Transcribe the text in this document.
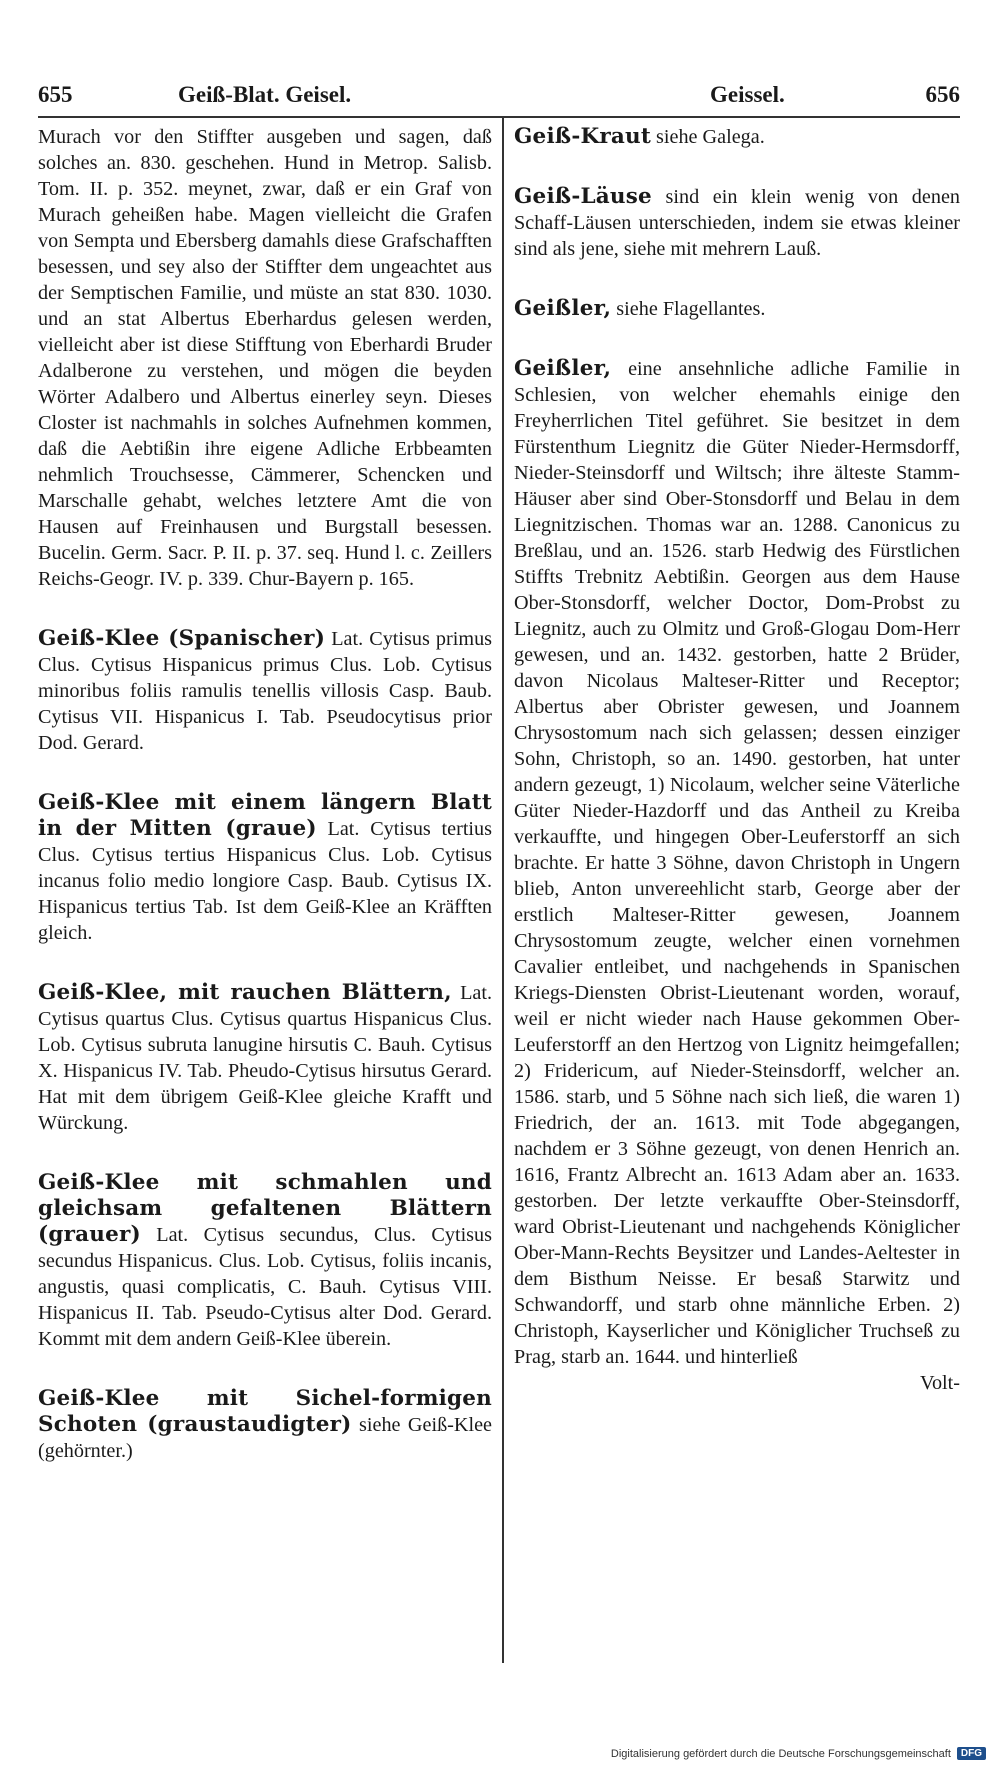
655	Geiß-Blat. Geisel.	Geissel.	656

Murach vor den Stiffter ausgeben und sagen, daß solches an. 830. geschehen. Hund in Metrop. Salisb. Tom. II. p. 352. meynet, zwar, daß er ein Graf von Murach geheißen habe. Magen vielleicht die Grafen von Sempta und Ebersberg damahls diese Grafschafften besessen, und sey also der Stiffter dem ungeachtet aus der Semptischen Familie, und müste an stat 830. 1030. und an stat Albertus Eberhardus gelesen werden, vielleicht aber ist diese Stifftung von Eberhardi Bruder Adalberone zu verstehen, und mögen die beyden Wörter Adalbero und Albertus einerley seyn. Dieses Closter ist nachmahls in solches Aufnehmen kommen, daß die Aebtißin ihre eigene Adliche Erbbeamten nehmlich Trouchsesse, Cämmerer, Schencken und Marschalle gehabt, welches letztere Amt die von Hausen auf Freinhausen und Burgstall besessen. Bucelin. Germ. Sacr. P. II. p. 37. seq. Hund l. c. Zeillers Reichs-Geogr. IV. p. 339. Chur-Bayern p. 165.

Geiß-Klee (Spanischer) Lat. Cytisus primus Clus. Cytisus Hispanicus primus Clus. Lob. Cytisus minoribus foliis ramulis tenellis villosis Casp. Baub. Cytisus VII. Hispanicus I. Tab. Pseudocytisus prior Dod. Gerard.

Geiß-Klee mit einem längern Blatt in der Mitten (graue) Lat. Cytisus tertius Clus. Cytisus tertius Hispanicus Clus. Lob. Cytisus incanus folio medio longiore Casp. Baub. Cytisus IX. Hispanicus tertius Tab. Ist dem Geiß-Klee an Kräfften gleich.

Geiß-Klee, mit rauchen Blättern, Lat. Cytisus quartus Clus. Cytisus quartus Hispanicus Clus. Lob. Cytisus subruta lanugine hirsutis C. Bauh. Cytisus X. Hispanicus IV. Tab. Pheudo-Cytisus hirsutus Gerard. Hat mit dem übrigem Geiß-Klee gleiche Krafft und Würckung.

Geiß-Klee mit schmahlen und gleichsam gefaltenen Blättern (grauer) Lat. Cytisus secundus, Clus. Cytisus secundus Hispanicus. Clus. Lob. Cytisus, foliis incanis, angustis, quasi complicatis, C. Bauh. Cytisus VIII. Hispanicus II. Tab. Pseudo-Cytisus alter Dod. Gerard. Kommt mit dem andern Geiß-Klee überein.

Geiß-Klee mit Sichel-formigen Schoten (graustaudigter) siehe Geiß-Klee (gehörnter.)

Geiß-Kraut siehe Galega.

Geiß-Läuse sind ein klein wenig von denen Schaff-Läusen unterschieden, indem sie etwas kleiner sind als jene, siehe mit mehrern Lauß.

Geißler, siehe Flagellantes.

Geißler, eine ansehnliche adliche Familie in Schlesien, von welcher ehemahls einige den Freyherrlichen Titel geführet. Sie besitzet in dem Fürstenthum Liegnitz die Güter Nieder-Hermsdorff, Nieder-Steinsdorff und Wiltsch; ihre älteste Stamm-Häuser aber sind Ober-Stonsdorff und Belau in dem Liegnitzischen. Thomas war an. 1288. Canonicus zu Breßlau, und an. 1526. starb Hedwig des Fürstlichen Stiffts Trebnitz Aebtißin. Georgen aus dem Hause Ober-Stonsdorff, welcher Doctor, Dom-Probst zu Liegnitz, auch zu Olmitz und Groß-Glogau Dom-Herr gewesen, und an. 1432. gestorben, hatte 2 Brüder, davon Nicolaus Malteser-Ritter und Receptor; Albertus aber Obrister gewesen, und Joannem Chrysostomum nach sich gelassen; dessen einziger Sohn, Christoph, so an. 1490. gestorben, hat unter andern gezeugt, 1) Nicolaum, welcher seine Väterliche Güter Nieder-Hazdorff und das Antheil zu Kreiba verkauffte, und hingegen Ober-Leuferstorff an sich brachte. Er hatte 3 Söhne, davon Christoph in Ungern blieb, Anton unvereehlicht starb, George aber der erstlich Malteser-Ritter gewesen, Joannem Chrysostomum zeugte, welcher einen vornehmen Cavalier entleibet, und nachgehends in Spanischen Kriegs-Diensten Obrist-Lieutenant worden, worauf, weil er nicht wieder nach Hause gekommen Ober-Leuferstorff an den Hertzog von Lignitz heimgefallen; 2) Fridericum, auf Nieder-Steinsdorff, welcher an. 1586. starb, und 5 Söhne nach sich ließ, die waren 1) Friedrich, der an. 1613. mit Tode abgegangen, nachdem er 3 Söhne gezeugt, von denen Henrich an. 1616, Frantz Albrecht an. 1613 Adam aber an. 1633. gestorben. Der letzte verkauffte Ober-Steinsdorff, ward Obrist-Lieutenant und nachgehends Königlicher Ober-Mann-Rechts Beysitzer und Landes-Aeltester in dem Bisthum Neisse. Er besaß Starwitz und Schwandorff, und starb ohne männliche Erben. 2) Christoph, Kayserlicher und Königlicher Truchseß zu Prag, starb an. 1644. und hinterließ

Volt-
Digitalisierung gefördert durch die Deutsche Forschungsgemeinschaft	DFG
